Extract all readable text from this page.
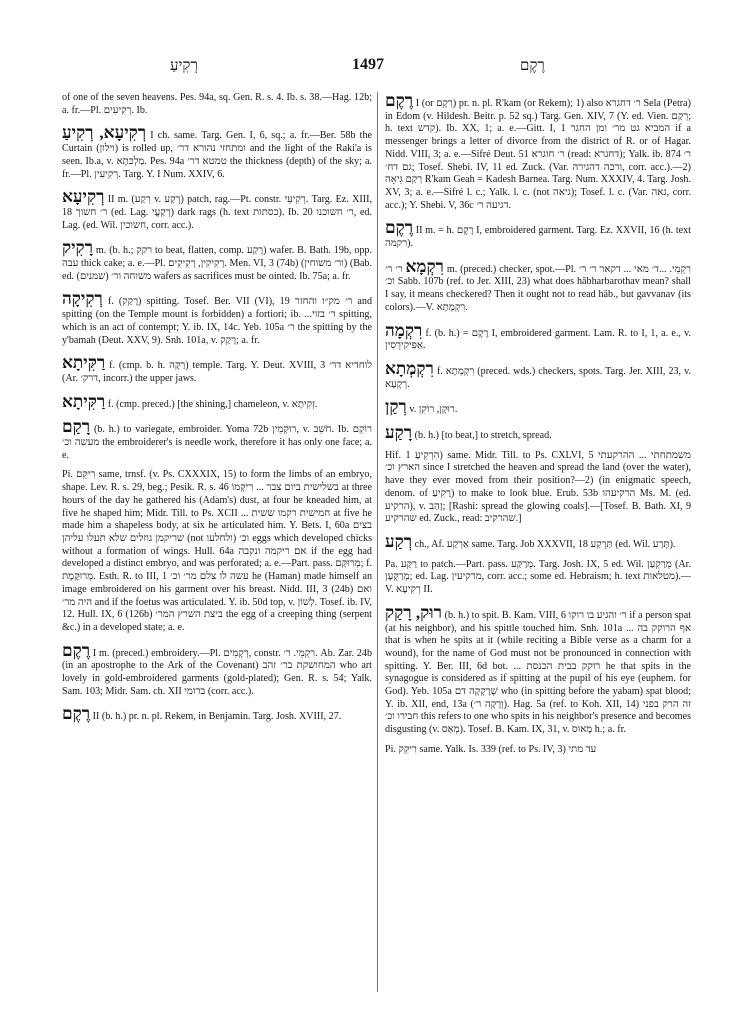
רְקִיעַ	1497	רֶקֶם

of one of the seven heavens. Pes. 94a, sq. Gen. R. s. 4. Ib. s. 38.—Hag. 12b; a. fr.—Pl. רְקִיעִים. Ib.

רְקִיעָא, רְקִיעַ I ch. same. Targ. Gen. I, 6, sq.; a. fr.—Ber. 58b the Curtain (וילון) is rolled up, ומתחזי נהורא דר׳ and the light of the Raki'a is seen. Ib.a, v. מַלְכּתָא. Pes. 94a טמטא דר׳ the thickness (depth) of the sky; a. fr.—Pl. רְקִיעִין. Targ. Y. I Num. XXIV, 6.

רְקִיעָא II m. (רְקַע v. רְקַע) patch, rag.—Pt. constr. רְקִיעֵי. Targ. Ez. XIII, 18 ר׳ חשוך (ed. Lag. רְקַעֲי) dark rags (h. text כסתות). Ib. 20 ר׳ חשוכנו, ed. Lag. (ed. Wil. חשוכין, corr. acc.).

רָקִיק m. (b. h.; רקק to beat, flatten, comp. רָקַע) wafer. B. Bath. 19b, opp. עבה thick cake; a. e.—Pl. רְקִיקִין, רְקִיקִים. Men. VI, 3 (74b) (ור׳ משוחין) (Bab. ed. משוחה ור׳ (שמנים) wafers as sacrifices must be ointed. Ib. 75a; a. fr.

רְקִיקָה f. (רָקַק) spitting. Tosef. Ber. VII (VI), 19 ר׳ מק״ו והחזר and spitting (on the Temple mount is forbidden) a fortiori; ib. ...ר׳ בזוי spitting, which is an act of contempt; Y. ib. IX, 14c. Yeb. 105a ר׳ the spitting by the y'bamah (Deut. XXV, 9). Snh. 101a, v. רָקַק; a. fr.

רַקִּיתָא f. (cmp. b. h. רַקָּה) temple. Targ. Y. Deut. XVIII, 3 לוחדיא דר׳ (Ar. דרק׳, incorr.) the upper jaws.

רַקִּיתָא f. (cmp. preced.) [the shining,] chameleon, v. זְקִיתָא.

רָקַם (b. h.) to variegate, embroider. Yoma 72b רוּקְמֵין, v. חֹשֵׁב. Ib. רוֹקֵם מעשה וכ׳ the embroiderer's is needle work, therefore it has only one face; a. e.

Pi. רִיקֵּם same, trnsf. (v. Ps. CXXXIX, 15) to form the limbs of an embryo, shape. Lev. R. s. 29, beg.; Pesik. R. s. 46 בשלישית ביום צבר ... רִיקְּמוֹ at three hours of the day he gathered his (Adam's) dust, at four he kneaded him, at five he shaped him; Midr. Till. to Ps. XCII ... חמישית רקמו ששית at five he made him a shapeless body, at six he articulated him. Y. Bets. I, 60a בצים שריקמן גוזלים שלא תעלו עליהן (not ולחלעו) וכ׳ eggs which developed chicks without a formation of wings. Hull. 64a אם ריקמה ונקבה if the egg had developed a distinct embryo, and was perforated; a. e.—Part. pass. מְרוּקָּם; f. מְרוּקֶּמֶת. Esth. R. to III, 1 עשה לו צלם מר׳ וכ׳ he (Haman) made himself an image embroidered on his garment over his breast. Nidd. III, 3 (24b) ואם היה מר׳ and if the foetus was articulated. Y. ib. 50d top, v. לְשׁוֹן. Tosef. ib. IV, 12. Hull. IX, 6 (126b) ביצת השרץ המר׳ the egg of a creeping thing (serpent &c.) in a developed state; a. e.

רֶקֶם I m. (preced.) embroidery.—Pl. רְקָמִים, constr. רִקְמֵי. ר׳. Ab. Zar. 24b (in an apostrophe to the Ark of the Covenant) המחושקת בר׳ זהב who art lovely in gold-embroidered garments (gold-plated); Gen. R. s. 54; Yalk. Sam. 103; Midr. Sam. ch. XII ברומי (corr. acc.).

רֶקֶם II (b. h.) pr. n. pl. Rekem, in Benjamin. Targ. Josh. XVIII, 27.

רֶקֶם I (or רְקָם) pr. n. pl. R'kam (or Rekem); 1) also ר׳ דחגרא Sela (Petra) in Edom (v. Hildesh. Beitr. p. 52 sq.) Targ. Gen. XIV, 7 (Y. ed. Vien. רְקַם; h. text קדש). Ib. XX, 1; a. e.—Gitt. I, 1 המביא גט מר׳ ומן החגר if a messenger brings a letter of divorce from the district of R. or of Hagar. Nidd. VIII, 3; a. e.—Sifré Deut. 51 ר׳ חוגרא (read: דחגרא); Yalk. ib. 874 ר׳ גם דח׳; Tosef. Shebi. IV, 11 ed. Zuck. (Var. ורכה דהגירה, corr. acc.).—2) רְקַם גֵּיאָה R'kam Geah = Kadesh Barnea. Targ. Num. XXXIV, 4. Targ. Josh. XV, 3; a. e.—Sifré l. c.; Yalk. l. c. (not גיאה); Tosef. l. c. (Var. גאה, corr. acc.); Y. Shebi. V, 36c דגיעה ר׳.

רֶקֶם II m. = h. רֶקֶם I, embroidered garment. Targ. Ez. XXVII, 16 (h. text רקמה).

רִקְמָא ר׳ ר׳ m. (preced.) checker, spot.—Pl. רִקְמֵי. ...ד׳ מאי ... דקאר ר׳ ר׳ וכ׳ Sabb. 107b (ref. to Jer. XIII, 23) what does hăbharbarothav mean? shall I say, it means checkered? Then it ought not to read hăb., but gavvanav (its colors).—V. רִקְמְתָא.

רִקְמָה f. (b. h.) = רֶקֶם I, embroidered garment. Lam. R. to I, 1, a. e., v. אַפִּיקִירְסִין.

רִקְמְתָא f. רִקְמְתָא (preced. wds.) checkers, spots. Targ. Jer. XIII, 23, v. רְקָעָא.

רְקַן v. רוּקָן, רוֹקִן.

רָקַע (b. h.) [to beat,] to stretch, spread.

Hif. הִרְקִיעַ 1) same. Midr. Till. to Ps. CXLVI, 5 משמתחתי ... ההרקעתי הארץ וכ׳ since I stretched the heaven and spread the land (over the water), have they ever moved from their position?—2) (in enigmatic speech, denom. of רָקִיעַ) to make to look blue. Erub. 53b הרקיעהו Ms. M. (ed. הרקיע), v. זָהַב; [Rashi: spread the glowing coals].—[Tosef. B. Bath. XI, 9 שהרקיע ed. Zuck., read: שהרקיב.]

רְקַע ch., Af. אַרְקַע same. Targ. Job XXXVII, 18 תַּרְקַע (ed. Wil. תְּרַע).

Pa. רַקַּע to patch.—Part. pass. מְרַקַּע. Targ. Josh. IX, 5 ed. Wil. מְרַקְעַן (Ar. מְרַקְּעָן; ed. Lag. מרקיעין, corr. acc.; some ed. Hebraism; h. text מטלאות).—V. רְקִיעָא II.

רוּק, רָקַק (b. h.) to spit. B. Kam. VIII, 6 ר׳ והגיע בו רוקו if a person spat (at his neighbor), and his spittle touched him. Snh. 101a ... אף הרוקק בה that is when he spits at it (while reciting a Bible verse as a charm for a wound), for the name of God must not be pronounced in connection with spitting. Y. Ber. III, 6d bot. ... רוקק בבית הכנסת he that spits in the synagogue is considered as if spitting at the pupil of his eye (euphem. for God). Yeb. 105a שֶׁרָקְקָה דם who (in spitting before the yabam) spat blood; Y. ib. XII, end, 13a (וְרָקָה ר׳). Hag. 5a (ref. to Koh. XII, 14) זה הרק בפני חבירו וכ׳ this refers to one who spits in his neighbor's presence and becomes disgusting (v. מְאַס). Tosef. B. Kam. IX, 31, v. מָאוּס h.; a. fr.

Pi. רִיקֵּק same. Yalk. Is. 339 (ref. to Ps. IV, 3) עד מתי
